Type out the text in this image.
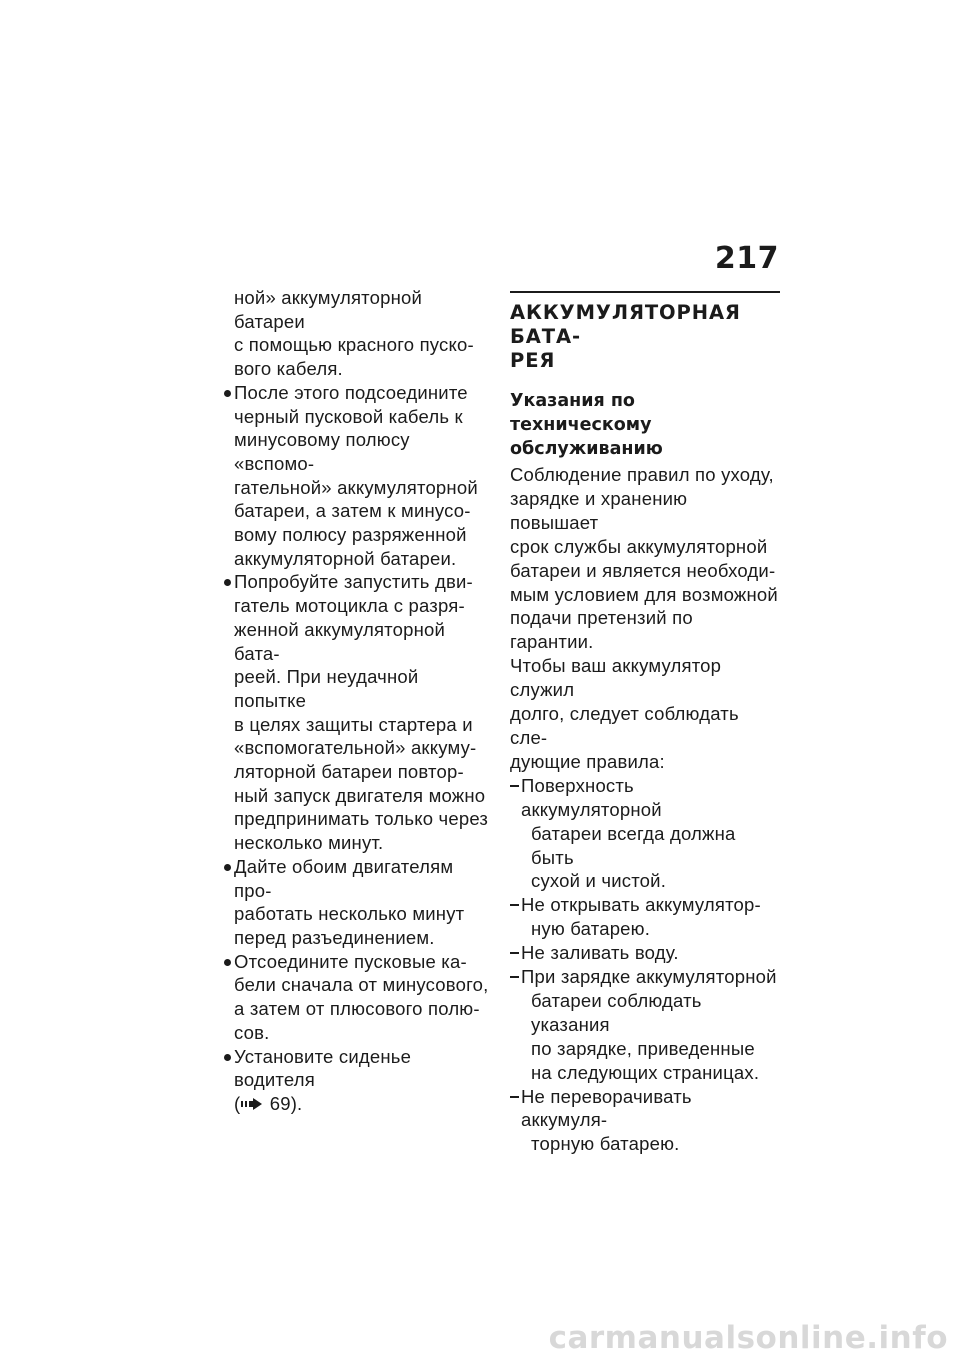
217

ной» аккумуляторной батареи

с помощью красного пуско-

вого кабеля.

После этого подсоедините

черный пусковой кабель к

минусовому полюсу «вспомо-

гательной» аккумуляторной

батареи, а затем к минусо-

вому полюсу разряженной

аккумуляторной батареи.

Попробуйте запустить дви-

гатель мотоцикла с разря-

женной аккумуляторной бата-

реей. При неудачной попытке

в целях защиты стартера и

«вспомогательной» аккуму-

ляторной батареи повтор-

ный запуск двигателя можно

предпринимать только через

несколько минут.

Дайте обоим двигателям про-

работать несколько минут

перед разъединением.

Отсоедините пусковые ка-

бели сначала от минусового,

а затем от плюсового полю-

сов.

Установите сиденье водителя

( 69).

АККУМУЛЯТОРНАЯ БАТА-
РЕЯ
Указания по техническому
обслуживанию
Соблюдение правил по уходу,
зарядке и хранению повышает
срок службы аккумуляторной
батареи и является необходи-
мым условием для возможной
подачи претензий по гарантии.
Чтобы ваш аккумулятор служил
долго, следует соблюдать сле-
дующие правила:
Поверхность аккумуляторной
батареи всегда должна быть
сухой и чистой.
Не открывать аккумулятор-
ную батарею.
Не заливать воду.
При зарядке аккумуляторной
батареи соблюдать указания
по зарядке, приведенные
на следующих страницах.
Не переворачивать аккумуля-
торную батарею.
carmanualsonline.info
